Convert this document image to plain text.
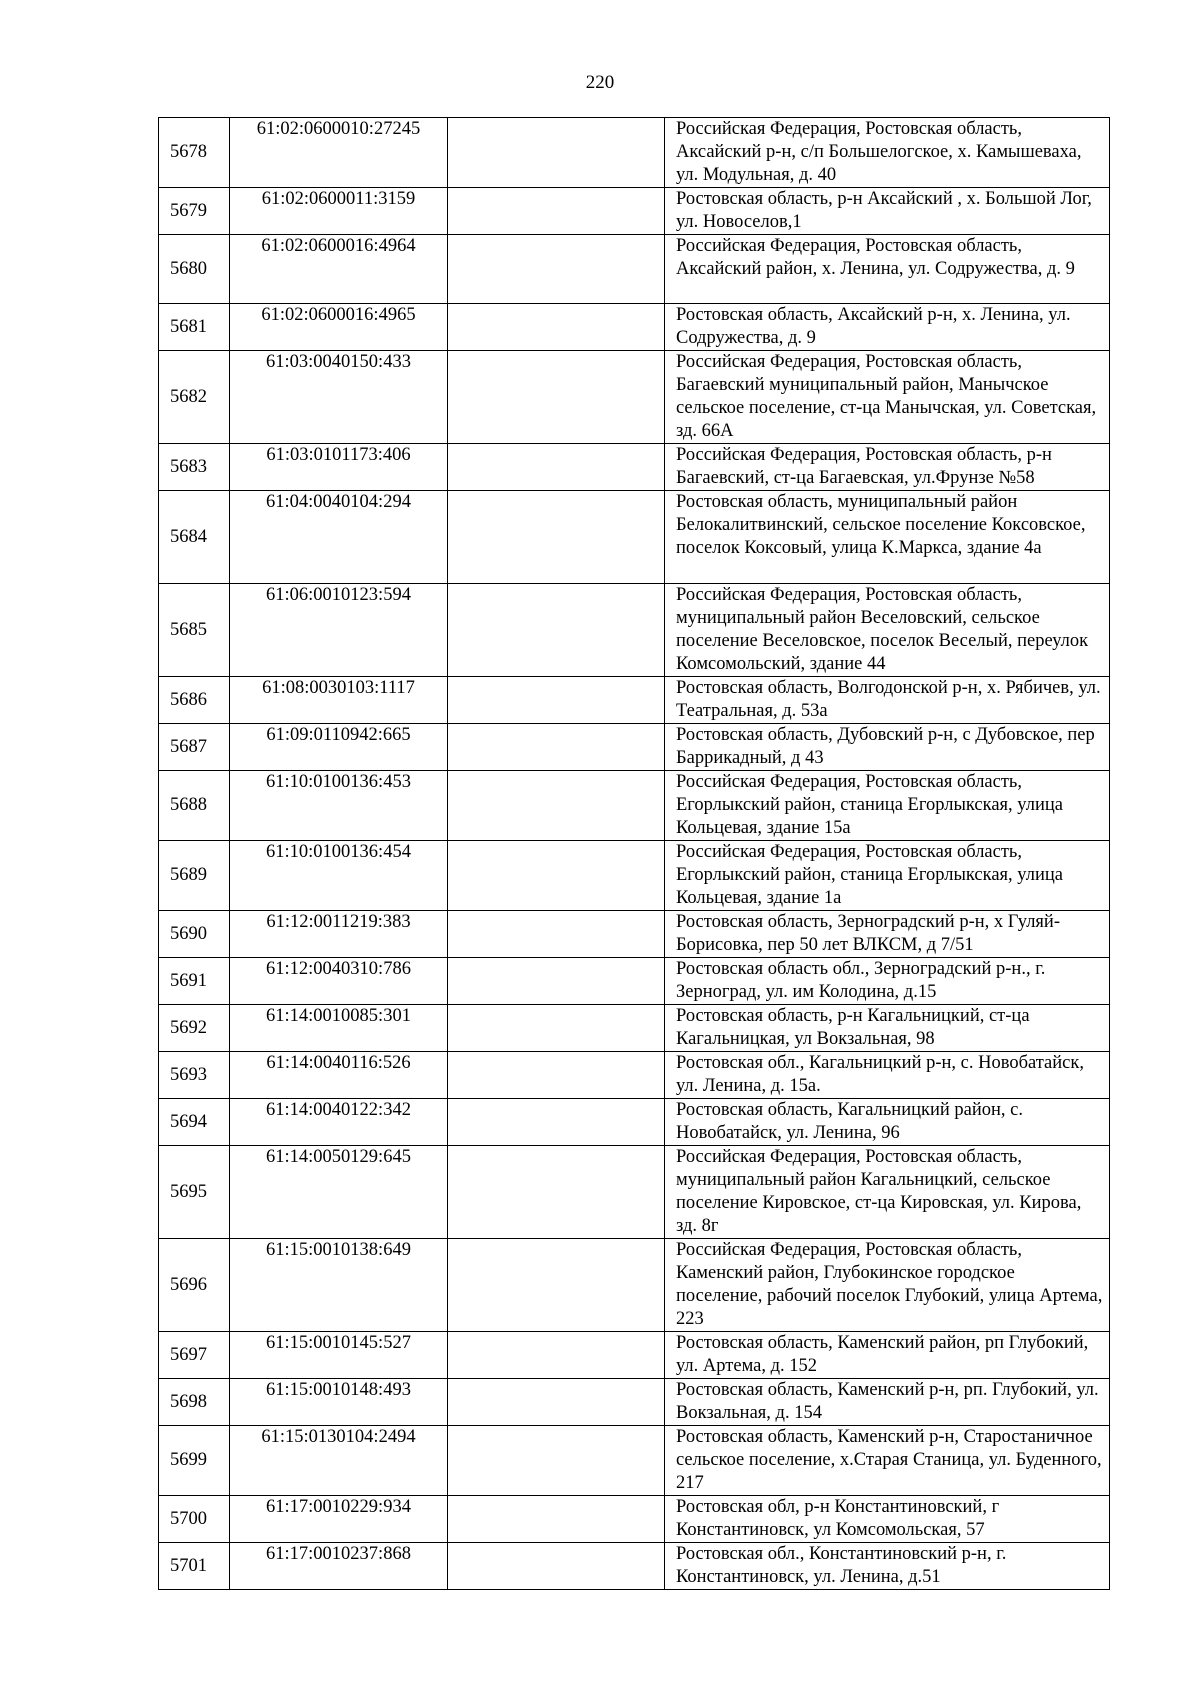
220
5678	61:02:0600010:27245		Российская Федерация, Ростовская область, Аксайский р-н, с/п Большелогское, х. Камышеваха, ул. Модульная, д. 40
5679	61:02:0600011:3159		Ростовская область, р-н Аксайский , х. Большой Лог, ул. Новоселов,1
5680	61:02:0600016:4964		Российская Федерация, Ростовская область, Аксайский район, х. Ленина, ул. Содружества, д. 9
5681	61:02:0600016:4965		Ростовская область, Аксайский р-н, х. Ленина, ул. Содружества, д. 9
5682	61:03:0040150:433		Российская Федерация, Ростовская область, Багаевский муниципальный район, Манычское сельское поселение, ст-ца Манычская, ул. Советская, зд. 66А
5683	61:03:0101173:406		Российская Федерация, Ростовская область, р-н Багаевский, ст-ца Багаевская, ул.Фрунзе №58
5684	61:04:0040104:294		Ростовская область, муниципальный район Белокалитвинский, сельское поселение Коксовское, поселок Коксовый, улица К.Маркса, здание 4а
5685	61:06:0010123:594		Российская Федерация, Ростовская область, муниципальный район Веселовский, сельское поселение Веселовское, поселок Веселый, переулок Комсомольский, здание 44
5686	61:08:0030103:1117		Ростовская область, Волгодонской р-н, х. Рябичев, ул. Театральная, д. 53а
5687	61:09:0110942:665		Ростовская область, Дубовский р-н, с Дубовское, пер Баррикадный, д 43
5688	61:10:0100136:453		Российская Федерация, Ростовская область, Егорлыкский район, станица Егорлыкская, улица Кольцевая, здание 15а
5689	61:10:0100136:454		Российская Федерация, Ростовская область, Егорлыкский район, станица Егорлыкская, улица Кольцевая, здание 1а
5690	61:12:0011219:383		Ростовская область, Зерноградский р-н, х Гуляй-Борисовка, пер 50 лет ВЛКСМ, д 7/51
5691	61:12:0040310:786		Ростовская область обл., Зерноградский р-н., г. Зерноград, ул. им Колодина, д.15
5692	61:14:0010085:301		Ростовская область, р-н Кагальницкий, ст-ца Кагальницкая, ул Вокзальная, 98
5693	61:14:0040116:526		Ростовская обл., Кагальницкий р-н, с. Новобатайск, ул. Ленина, д. 15а.
5694	61:14:0040122:342		Ростовская область, Кагальницкий район, с. Новобатайск, ул. Ленина, 96
5695	61:14:0050129:645		Российская Федерация, Ростовская область, муниципальный район Кагальницкий, сельское поселение Кировское, ст-ца Кировская, ул. Кирова, зд. 8г
5696	61:15:0010138:649		Российская Федерация, Ростовская область, Каменский район, Глубокинское городское поселение, рабочий поселок Глубокий, улица Артема, 223
5697	61:15:0010145:527		Ростовская область, Каменский район, рп Глубокий, ул. Артема, д. 152
5698	61:15:0010148:493		Ростовская область, Каменский р-н, рп. Глубокий, ул. Вокзальная, д. 154
5699	61:15:0130104:2494		Ростовская область, Каменский р-н, Старостаничное сельское поселение, х.Старая Станица, ул. Буденного, 217
5700	61:17:0010229:934		Ростовская обл, р-н Константиновский, г Константиновск, ул Комсомольская, 57
5701	61:17:0010237:868		Ростовская обл., Константиновский р-н, г. Константиновск, ул. Ленина, д.51
